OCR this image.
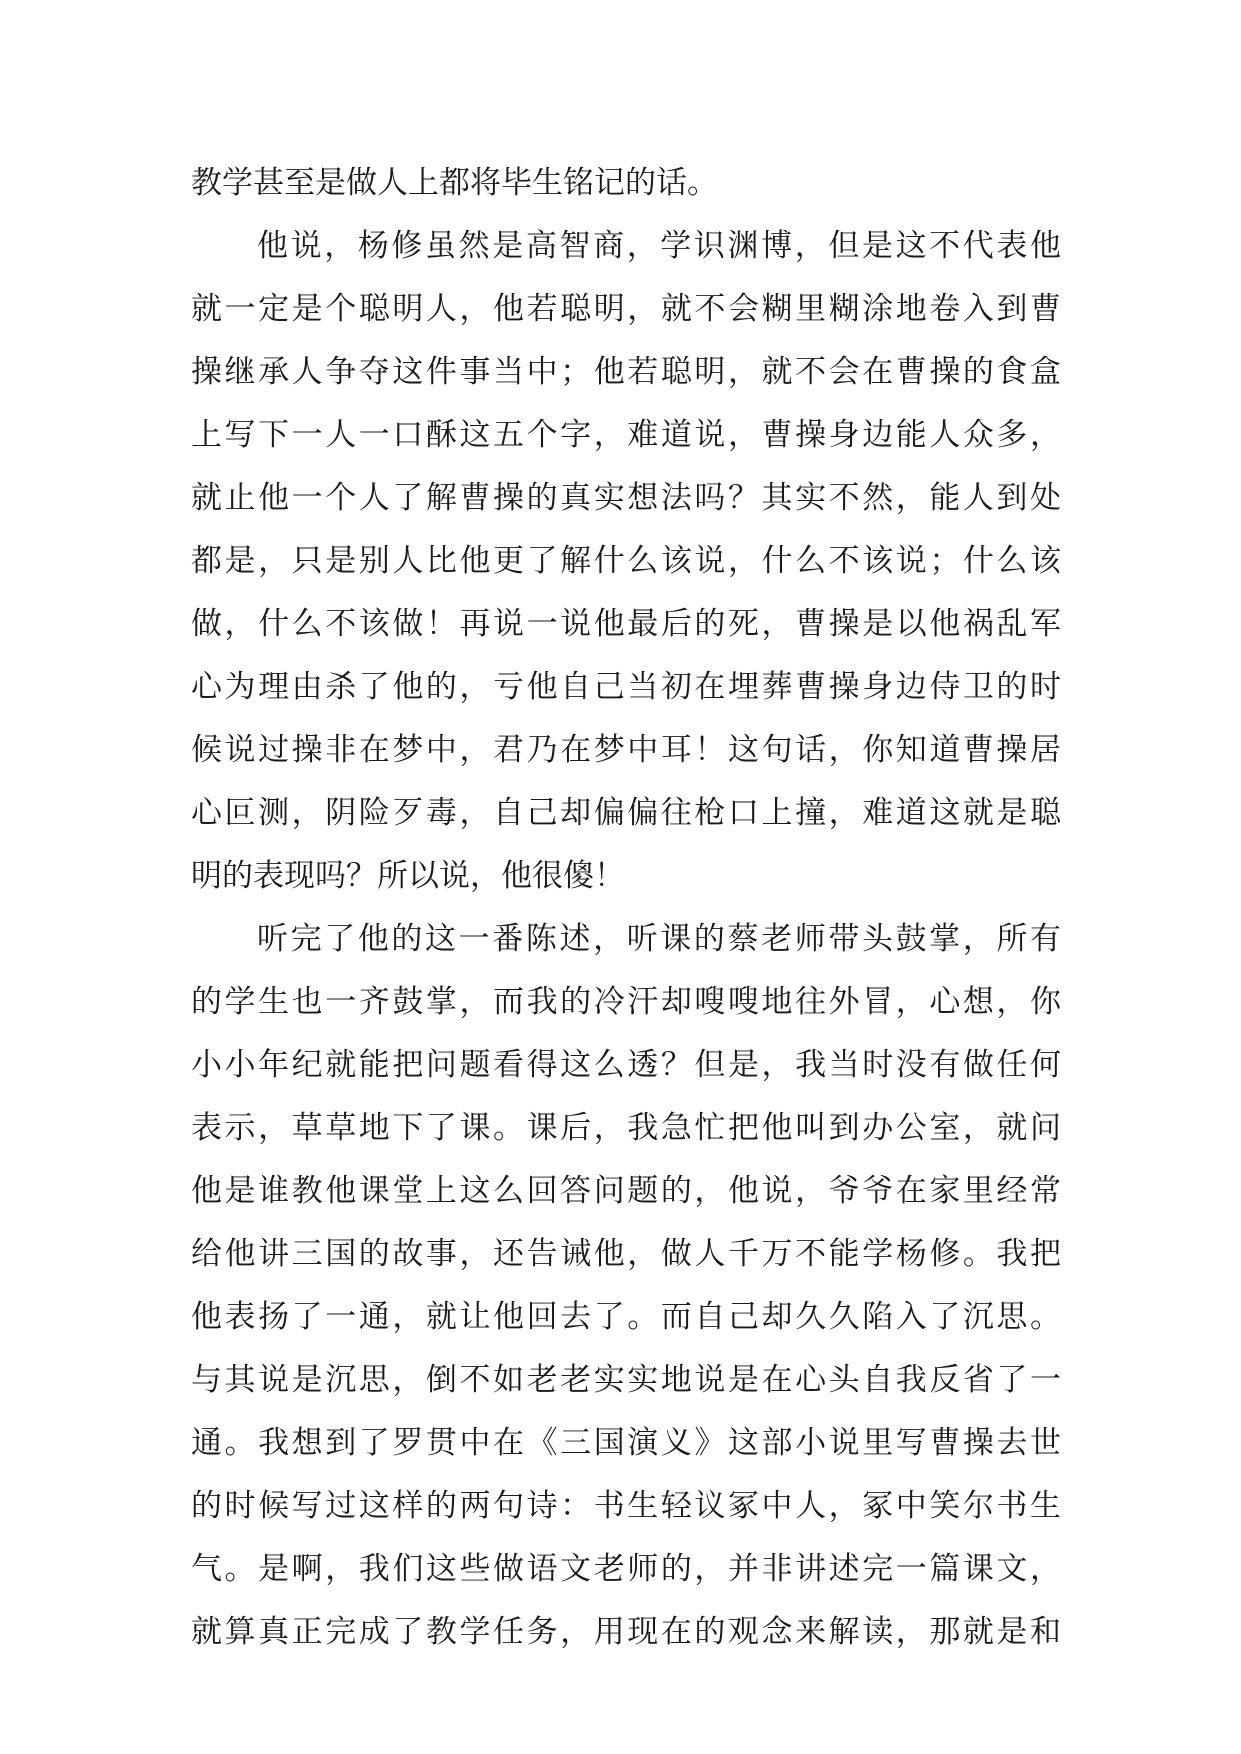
教学甚至是做人上都将毕生铭记的话。
他说，杨修虽然是高智商，学识渊博，但是这不代表他
就一定是个聪明人，他若聪明，就不会糊里糊涂地卷入到曹
操继承人争夺这件事当中；他若聪明，就不会在曹操的食盒
上写下一人一口酥这五个字，难道说，曹操身边能人众多，
就止他一个人了解曹操的真实想法吗？其实不然，能人到处
都是，只是别人比他更了解什么该说，什么不该说；什么该
做，什么不该做！再说一说他最后的死，曹操是以他祸乱军
心为理由杀了他的，亏他自己当初在埋葬曹操身边侍卫的时
候说过操非在梦中，君乃在梦中耳！这句话，你知道曹操居
心叵测，阴险歹毒，自己却偏偏往枪口上撞，难道这就是聪
明的表现吗？所以说，他很傻！
听完了他的这一番陈述，听课的蔡老师带头鼓掌，所有
的学生也一齐鼓掌，而我的冷汗却嗖嗖地往外冒，心想，你
小小年纪就能把问题看得这么透？但是，我当时没有做任何
表示，草草地下了课。课后，我急忙把他叫到办公室，就问
他是谁教他课堂上这么回答问题的，他说，爷爷在家里经常
给他讲三国的故事，还告诫他，做人千万不能学杨修。我把
他表扬了一通，就让他回去了。而自己却久久陷入了沉思。
与其说是沉思，倒不如老老实实地说是在心头自我反省了一
通。我想到了罗贯中在《三国演义》这部小说里写曹操去世
的时候写过这样的两句诗：书生轻议冢中人，冢中笑尔书生
气。是啊，我们这些做语文老师的，并非讲述完一篇课文，
就算真正完成了教学任务，用现在的观念来解读，那就是和
